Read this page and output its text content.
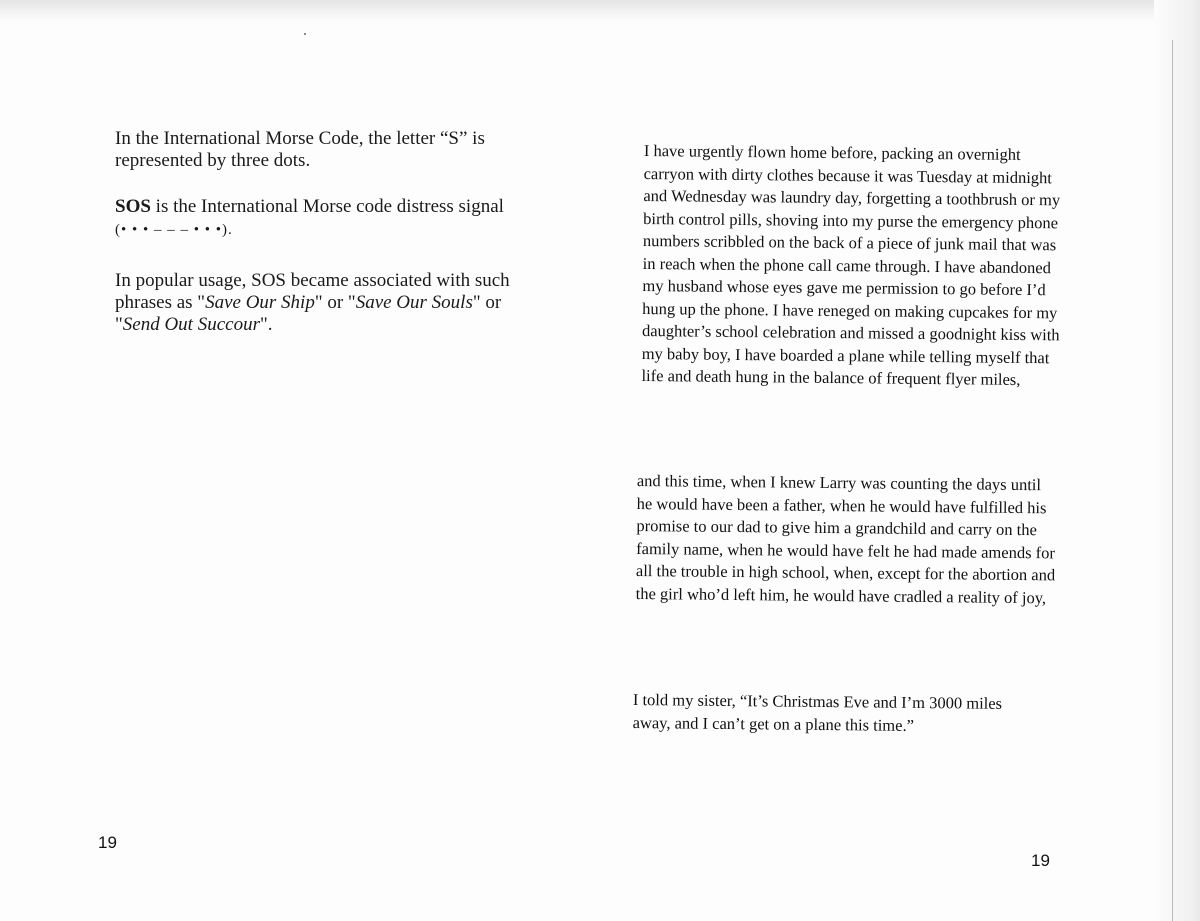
In the International Morse Code, the letter “S” is represented by three dots.

SOS is the International Morse code distress signal
(• • • – – – • • •).

In popular usage, SOS became associated with such phrases as "Save Our Ship" or "Save Our Souls" or "Send Out Succour".

19

I have urgently flown home before, packing an overnight carryon with dirty clothes because it was Tuesday at midnight and Wednesday was laundry day, forgetting a toothbrush or my birth control pills, shoving into my purse the emergency phone numbers scribbled on the back of a piece of junk mail that was in reach when the phone call came through. I have abandoned my husband whose eyes gave me permission to go before I’d hung up the phone. I have reneged on making cupcakes for my daughter’s school celebration and missed a goodnight kiss with my baby boy, I have boarded a plane while telling myself that life and death hung in the balance of frequent flyer miles,

and this time, when I knew Larry was counting the days until he would have been a father, when he would have fulfilled his promise to our dad to give him a grandchild and carry on the family name, when he would have felt he had made amends for all the trouble in high school, when, except for the abortion and the girl who’d left him, he would have cradled a reality of joy,

I told my sister, “It’s Christmas Eve and I’m 3000 miles away, and I can’t get on a plane this time.”

19
